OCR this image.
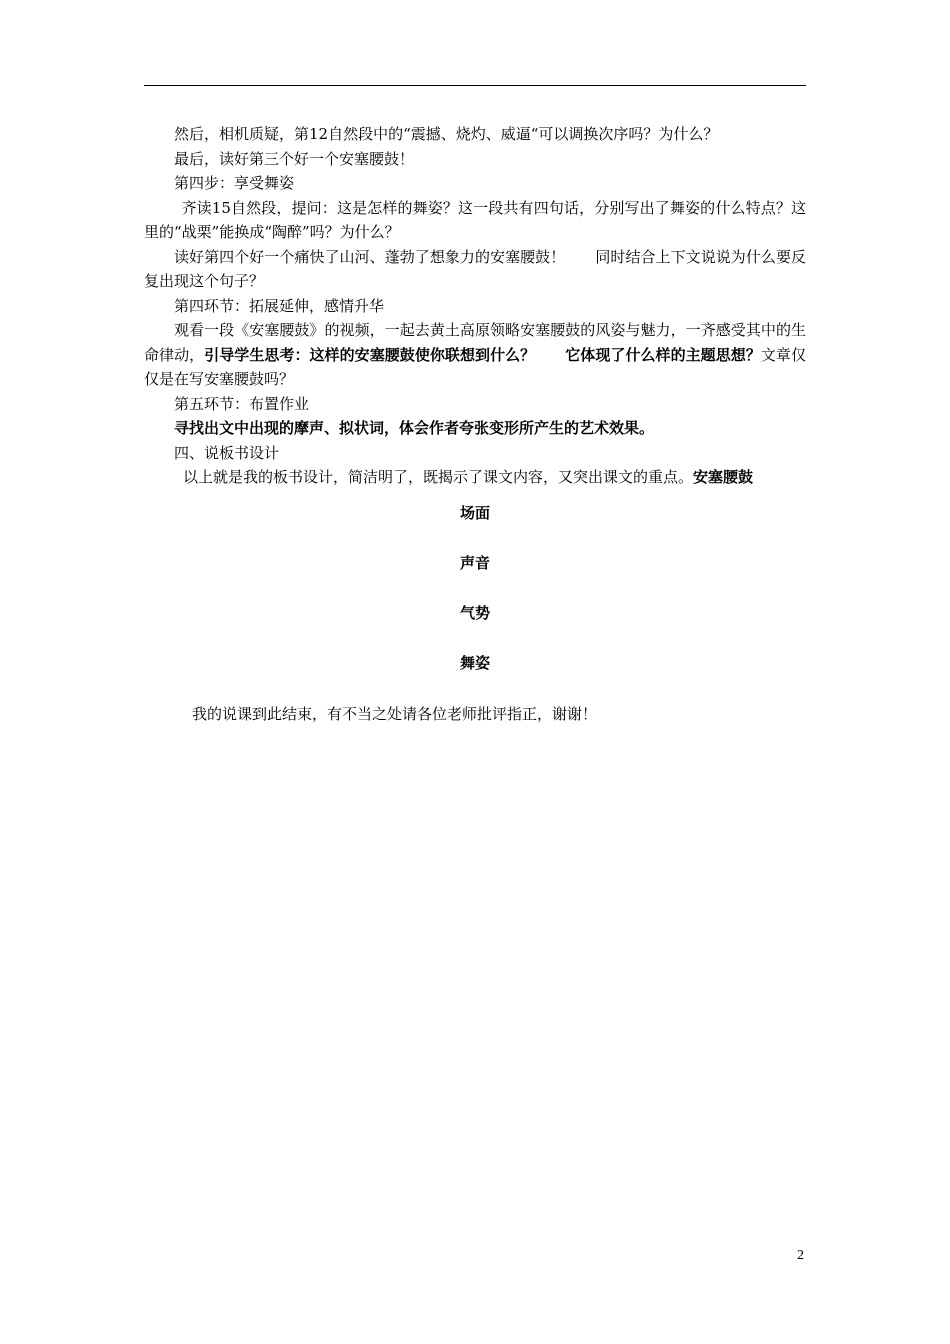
然后，相机质疑，第12自然段中的“震撼、烧灼、威逼“可以调换次序吗？为什么？

最后，读好第三个好一个安塞腰鼓！

第四步：享受舞姿

齐读15自然段，提问：这是怎样的舞姿？这一段共有四句话，分别写出了舞姿的什么特点？这里的“战栗”能换成“陶醉”吗？为什么？

读好第四个好一个痛快了山河、蓬勃了想象力的安塞腰鼓！ 同时结合上下文说说为什么要反复出现这个句子？

第四环节：拓展延伸，感情升华

观看一段《安塞腰鼓》的视频，一起去黄土高原领略安塞腰鼓的风姿与魅力，一齐感受其中的生命律动，引导学生思考：这样的安塞腰鼓使你联想到什么？ 它体现了什么样的主题思想？文章仅仅是在写安塞腰鼓吗？

第五环节：布置作业

寻找出文中出现的摩声、拟状词，体会作者夸张变形所产生的艺术效果。

四、说板书设计

以上就是我的板书设计，简洁明了，既揭示了课文内容，又突出课文的重点。安塞腰鼓

场面

声音

气势

舞姿

我的说课到此结束，有不当之处请各位老师批评指正，谢谢！

2
